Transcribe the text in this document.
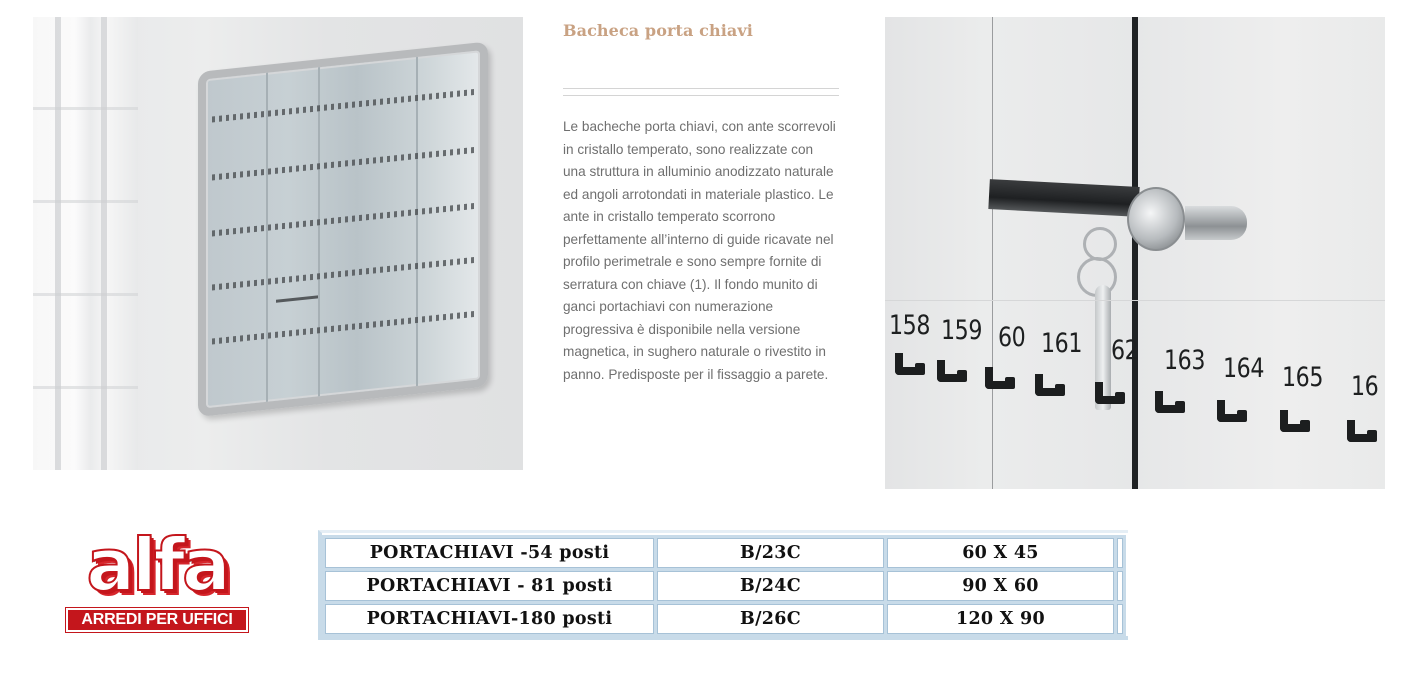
Bacheca porta chiavi

Le bacheche porta chiavi, con ante scorrevoli in cristallo temperato, sono realizzate con una struttura in alluminio anodizzato naturale ed angoli arrotondati in materiale plastico. Le ante in cristallo temperato scorrono perfettamente all’interno di guide ricavate nel profilo perimetrale e sono sempre fornite di serratura con chiave (1). Il fondo munito di ganci portachiavi con numerazione progressiva è disponibile nella versione magnetica, in sughero naturale o rivestito in panno. Predisposte per il fissaggio a parete.

158 159 60 161 62 163 164 165 16
alfa
ARREDI PER UFFICI
PORTACHIAVI -54 posti	B/23C	60 X 45	
PORTACHIAVI - 81 posti	B/24C	90 X 60	
PORTACHIAVI-180 posti	B/26C	120 X 90	
